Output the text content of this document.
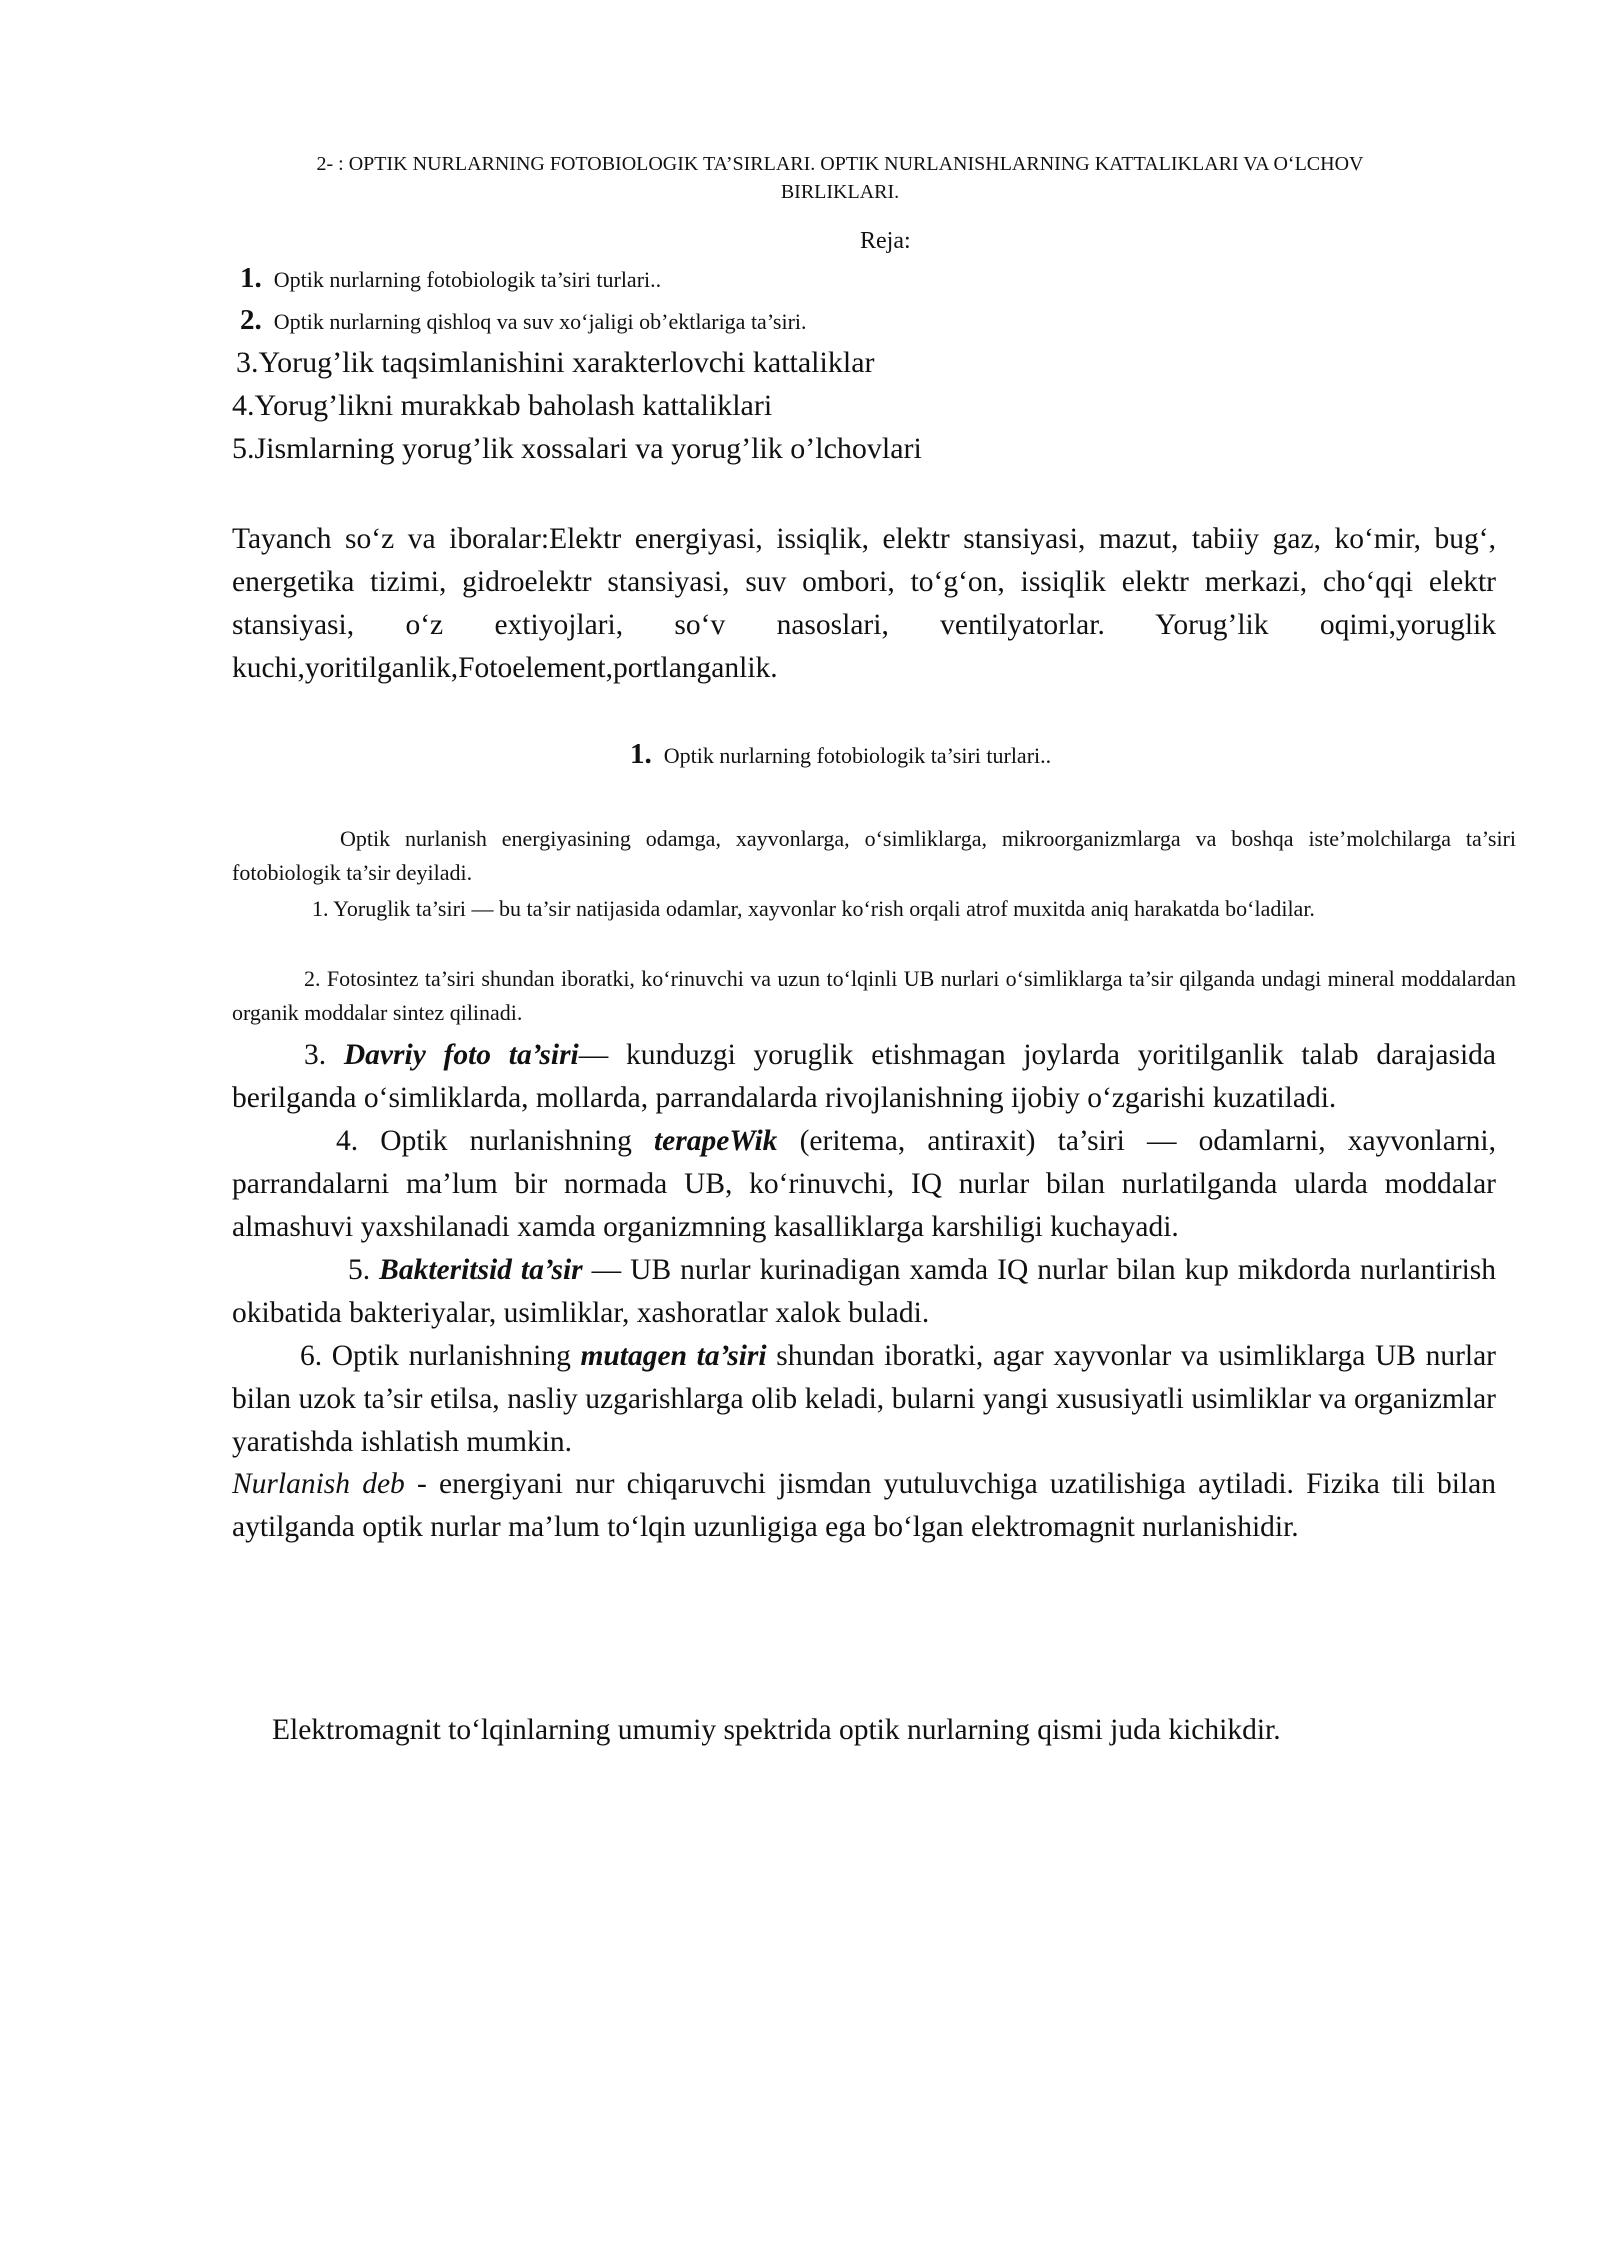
2- : OPTIK NURLARNING FOTOBIOLOGIK TA’SIRLARI. OPTIK NURLANISHLARNING KATTALIKLARI VA O‘LCHOV
BIRLIKLARI.
Reja:
1. Optik nurlarning fotobiologik ta’siri turlari..
2. Optik nurlarning qishloq va suv xo‘jaligi ob’ektlariga ta’siri.
3.Yorug’lik taqsimlanishini xarakterlovchi kattaliklar
4.Yorug’likni murakkab baholash kattaliklari
5.Jismlarning yorug’lik xossalari va yorug’lik o’lchovlari
Tayanch so‘z va iboralar:Elektr energiyasi, issiqlik, elektr stansiyasi, mazut, tabiiy gaz, ko‘mir, bug‘, energetika tizimi, gidroelektr stansiyasi, suv ombori, to‘g‘on, issiqlik elektr merkazi, cho‘qqi elektr stansiyasi, o‘z extiyojlari, so‘v nasoslari, ventilyatorlar. Yorug’lik oqimi,yoruglik kuchi,yoritilganlik,Fotoelement,portlanganlik.
1. Optik nurlarning fotobiologik ta’siri turlari..
Optik nurlanish energiyasining odamga, xayvonlarga, o‘simliklarga, mikroorganizmlarga va boshqa iste’molchilarga ta’siri fotobiologik ta’sir deyiladi.
1. Yoruglik ta’siri — bu ta’sir natijasida odamlar, xayvonlar ko‘rish orqali atrof muxitda aniq harakatda bo‘ladilar.
2. Fotosintez ta’siri shundan iboratki, ko‘rinuvchi va uzun to‘lqinli UB nurlari o‘simliklarga ta’sir qilganda undagi mineral moddalardan organik moddalar sintez qilinadi.
3. Davriy foto ta’siri— kunduzgi yoruglik etishmagan joylarda yoritilganlik talab darajasida berilganda o‘simliklarda, mollarda, parrandalarda rivojlanishning ijobiy o‘zgarishi kuzatiladi.
4. Optik nurlanishning terapeWik (eritema, antiraxit) ta’siri — odamlarni, xayvonlarni, parrandalarni ma’lum bir normada UB, ko‘rinuvchi, IQ nurlar bilan nurlatilganda ularda moddalar almashuvi yaxshilanadi xamda organizmning kasalliklarga karshiligi kuchayadi.
5. Bakteritsid ta’sir — UB nurlar kurinadigan xamda IQ nurlar bilan kup mikdorda nurlantirish okibatida bakteriyalar, usimliklar, xashoratlar xalok buladi.
6. Optik nurlanishning mutagen ta’siri shundan iboratki, agar xayvonlar va usimliklarga UB nurlar bilan uzok ta’sir etilsa, nasliy uzgarishlarga olib keladi, bularni yangi xususiyatli usimliklar va organizmlar yaratishda ishlatish mumkin.
Nurlanish deb - energiyani nur chiqaruvchi jismdan yutuluvchiga uzatilishiga aytiladi. Fizika tili bilan aytilganda optik nurlar ma’lum to‘lqin uzunligiga ega bo‘lgan elektromagnit nurlanishidir.
Elektromagnit to‘lqinlarning umumiy spektrida optik nurlarning qismi juda kichikdir.
